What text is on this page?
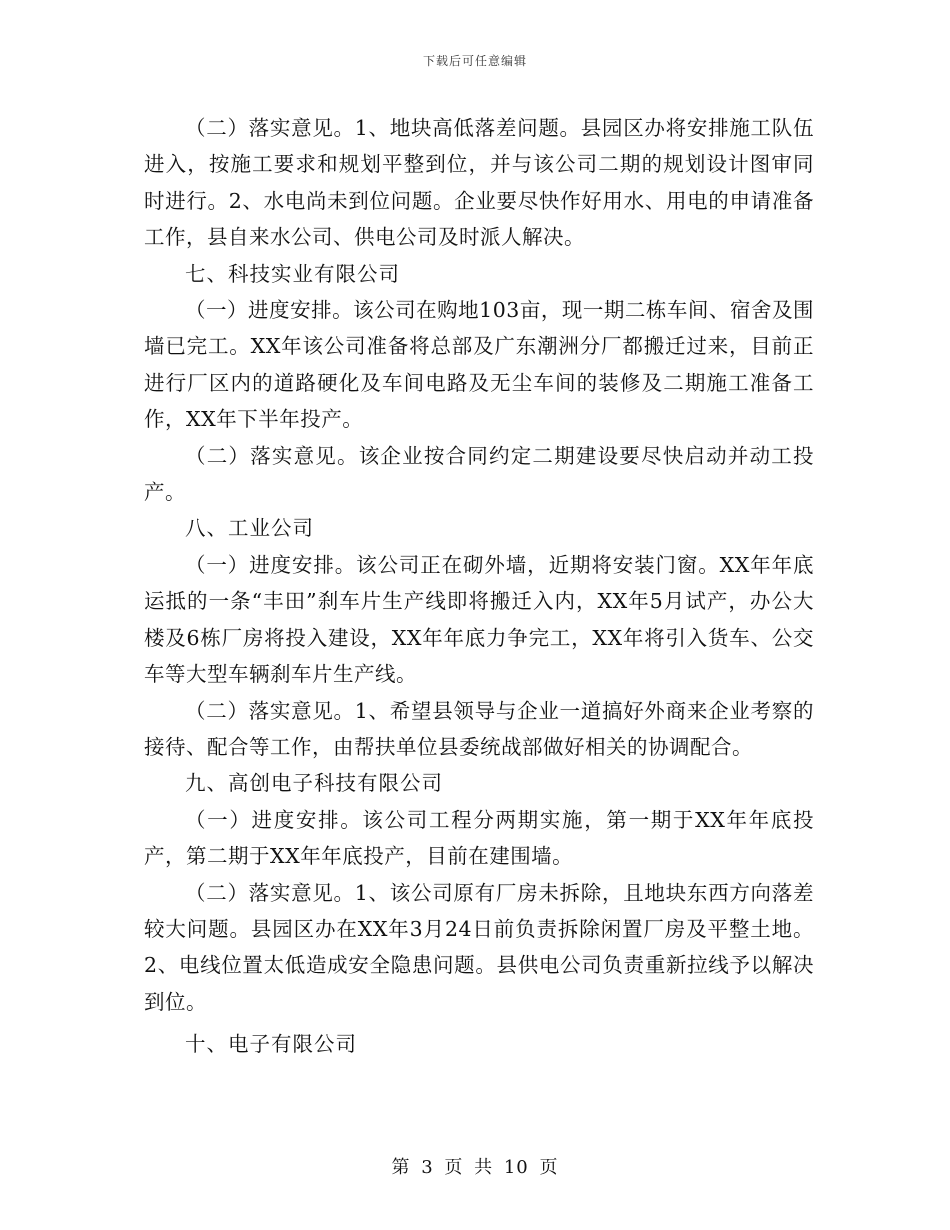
下载后可任意编辑

（二）落实意见。1、地块高低落差问题。县园区办将安排施工队伍进入，按施工要求和规划平整到位，并与该公司二期的规划设计图审同时进行。2、水电尚未到位问题。企业要尽快作好用水、用电的申请准备工作，县自来水公司、供电公司及时派人解决。

七、科技实业有限公司

（一）进度安排。该公司在购地103亩，现一期二栋车间、宿舍及围墙已完工。XX年该公司准备将总部及广东潮洲分厂都搬迁过来，目前正进行厂区内的道路硬化及车间电路及无尘车间的装修及二期施工准备工作，XX年下半年投产。

（二）落实意见。该企业按合同约定二期建设要尽快启动并动工投产。

八、工业公司

（一）进度安排。该公司正在砌外墙，近期将安装门窗。XX年年底运抵的一条“丰田”刹车片生产线即将搬迁入内，XX年5月试产，办公大楼及6栋厂房将投入建设，XX年年底力争完工，XX年将引入货车、公交车等大型车辆刹车片生产线。

（二）落实意见。1、希望县领导与企业一道搞好外商来企业考察的接待、配合等工作，由帮扶单位县委统战部做好相关的协调配合。

九、高创电子科技有限公司

（一）进度安排。该公司工程分两期实施，第一期于XX年年底投产，第二期于XX年年底投产，目前在建围墙。

（二）落实意见。1、该公司原有厂房未拆除，且地块东西方向落差较大问题。县园区办在XX年3月24日前负责拆除闲置厂房及平整土地。2、电线位置太低造成安全隐患问题。县供电公司负责重新拉线予以解决到位。

十、电子有限公司

第 3 页 共 10 页
